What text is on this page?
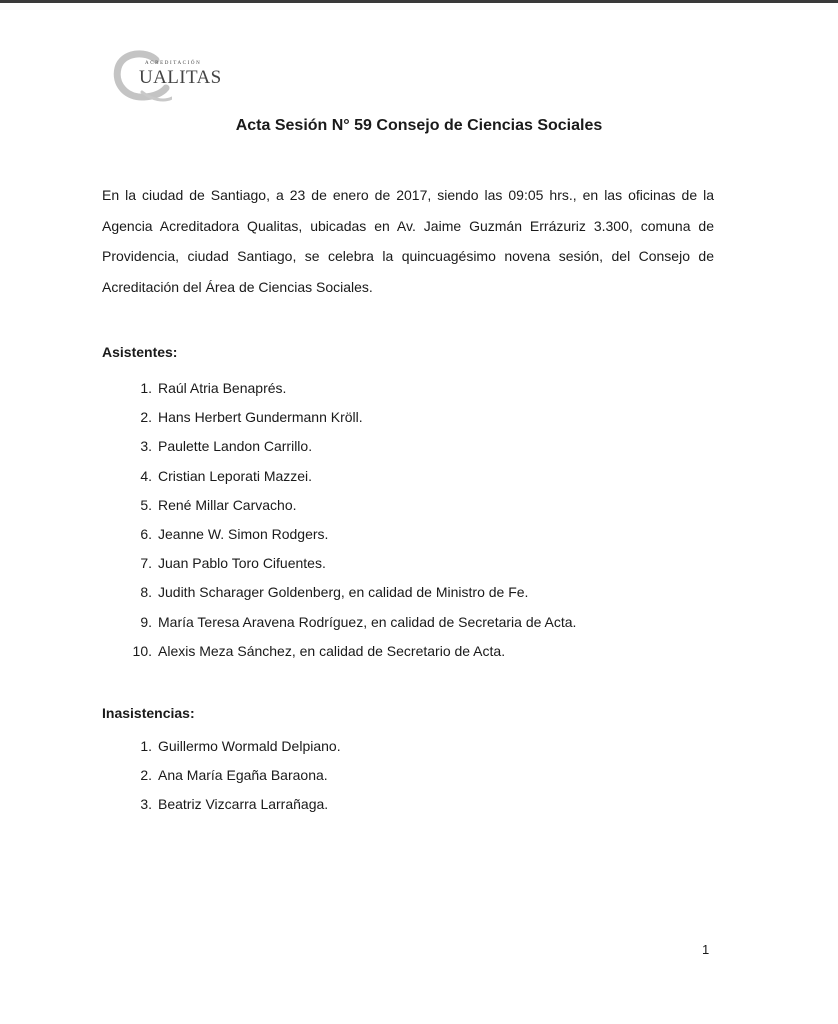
ACREDITACIÓN
UALITAS
Acta Sesión N° 59 Consejo de Ciencias Sociales

En la ciudad de Santiago, a 23 de enero de 2017, siendo las 09:05 hrs., en las oficinas de la Agencia Acreditadora Qualitas, ubicadas en Av. Jaime Guzmán Errázuriz 3.300, comuna de Providencia, ciudad Santiago, se celebra la quincuagésimo novena sesión, del Consejo de Acreditación del Área de Ciencias Sociales.

Asistentes:
1. Raúl Atria Benaprés.
2. Hans Herbert Gundermann Kröll.
3. Paulette Landon Carrillo.
4. Cristian Leporati Mazzei.
5. René Millar Carvacho.
6. Jeanne W. Simon Rodgers.
7. Juan Pablo Toro Cifuentes.
8. Judith Scharager Goldenberg, en calidad de Ministro de Fe.
9. María Teresa Aravena Rodríguez, en calidad de Secretaria de Acta.
10. Alexis Meza Sánchez, en calidad de Secretario de Acta.
Inasistencias:
1. Guillermo Wormald Delpiano.
2. Ana María Egaña Baraona.
3. Beatriz Vizcarra Larrañaga.
1
